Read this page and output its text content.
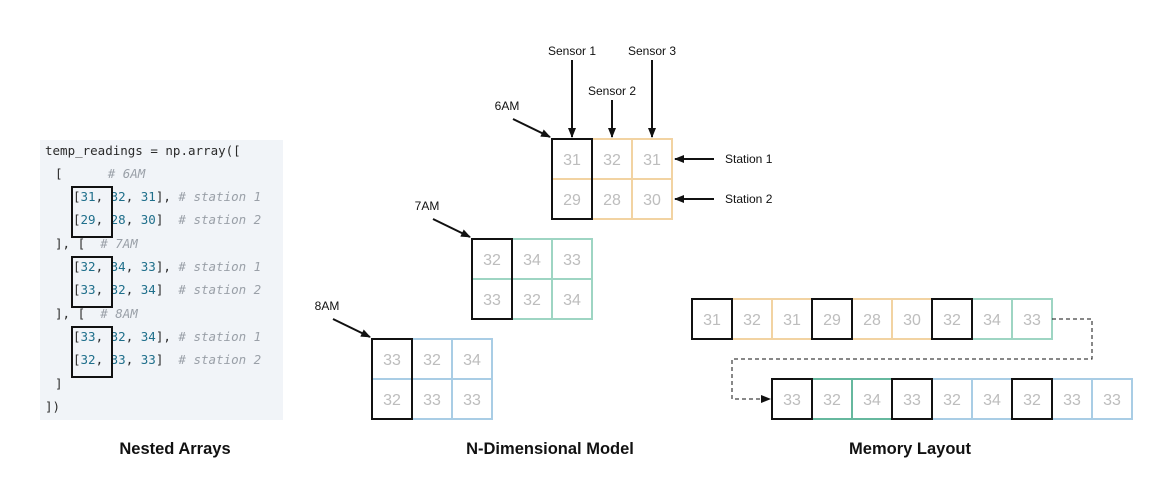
temp_readings = np.array([
[	# 6AM
[31, 32, 31], # station 1
[29, 28, 30]  # station 2
], [ # 7AM
[32, 34, 33], # station 1
[33, 32, 34]  # station 2
], [ # 8AM
[33, 32, 34], # station 1
[32, 33, 33]  # station 2
]
])
31 32 31
29 28 30
6AM
32 34 33
33 32 34
7AM
33 32 34
32 33 33
8AM
Sensor 1
Sensor 2
Sensor 3
Station 1
Station 2
31 32 31 29 28 30 32 34 33
33 32 34 33 32 34 32 33 33
Nested Arrays	N-Dimensional Model	Memory Layout
